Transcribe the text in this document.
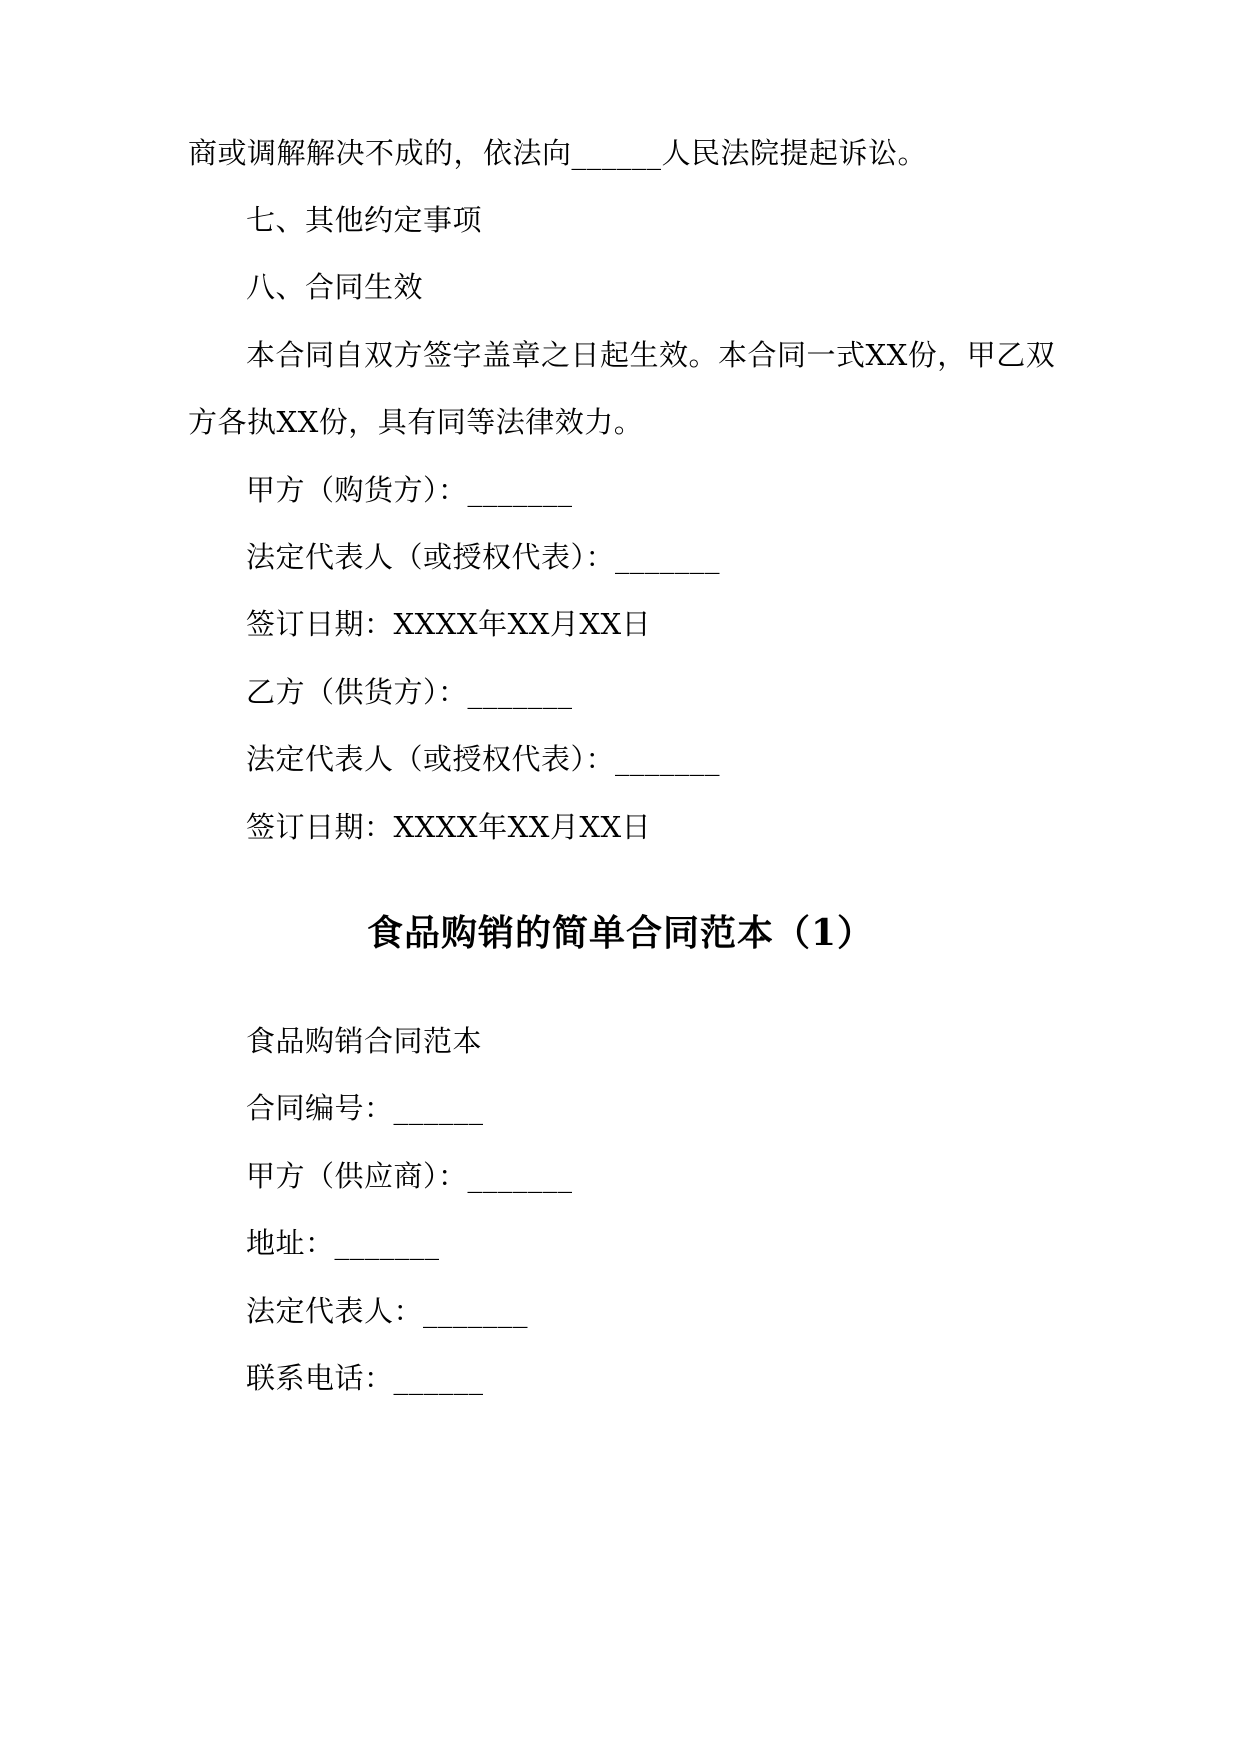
商或调解解决不成的，依法向______人民法院提起诉讼。
七、其他约定事项
八、合同生效
本合同自双方签字盖章之日起生效。本合同一式XX份，甲乙双
方各执XX份，具有同等法律效力。
甲方（购货方）：_______
法定代表人（或授权代表）：_______
签订日期：XXXX年XX月XX日
乙方（供货方）：_______
法定代表人（或授权代表）：_______
签订日期：XXXX年XX月XX日
食品购销的简单合同范本（1）
食品购销合同范本
合同编号：______
甲方（供应商）：_______
地址：_______
法定代表人：_______
联系电话：______
